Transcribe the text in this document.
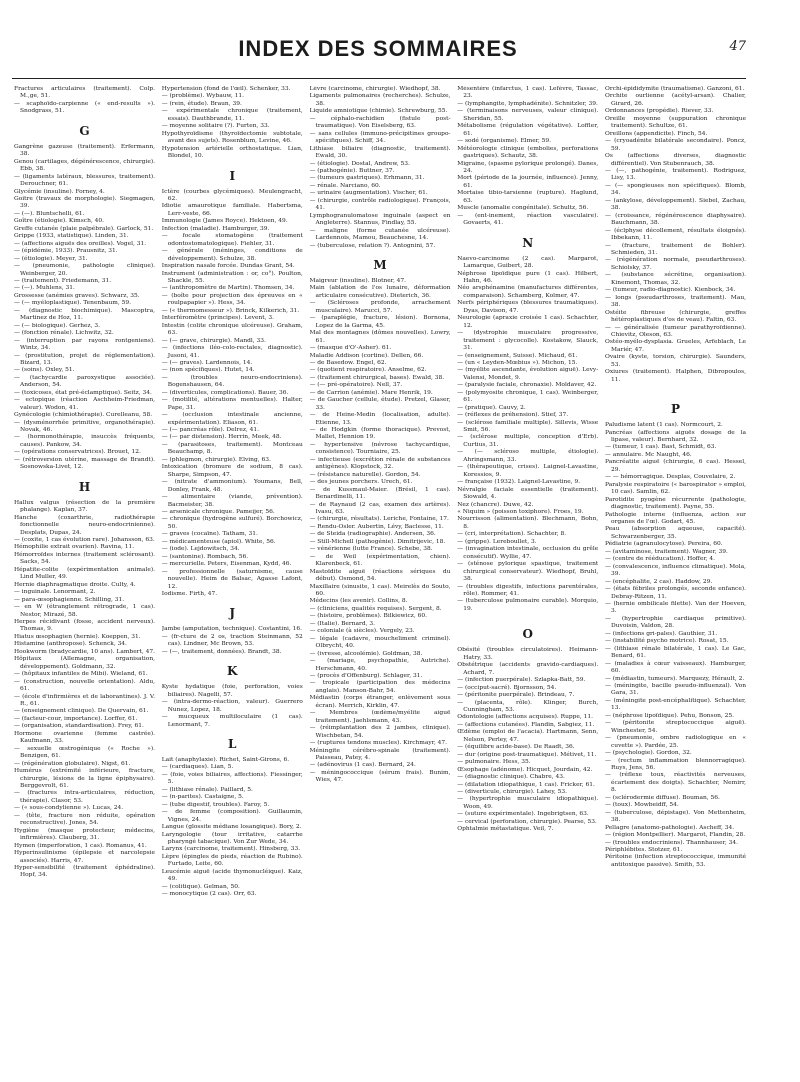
INDEX DES SOMMAIRES	47
Fractures articulaires (traitement). Colp. M.,ge, 51.
— scaphoïdo-carpienne (« end-results »). Snodgrass, 51.
G
Gangrène gazeuse (traitement). Erfermann, 38.
Genou (cartilages, dégénérescence, chirurgie). Ebb, 38.
— (ligaments latéraux, blessures, traitement). Derouchner, 61.
Glycémie (insuline). Forney, 4.
Goitre (travaux de morphologie). Siegmagen, 39.
— (—). Bluntschelli, 61.
Goître (étiologie). Kimsch, 40.
Greffe cutanée (plaie palpébrale). Garlock, 51.
Grippe (1933, statistique). Linden, 31.
— (affections aiguës des oreilles). Vogel, 31.
— (épidémie, 1933). Prausnitz, 31.
— (étiologie). Meyer, 31.
— (pneumonie, pathologie clinique). Weinberger, 20.
— (traitement). Friedemann, 31.
— (—). Muhlens, 31.
Grossesse (anémies graves). Schwarz, 35.
— (— myéloplastique). Tenenbaum, 59.
— (diagnostic biochimique). Mascoptra, Martinez de Hoz, 11.
— (— biologique). Gerhez, 3.
— (fonction rénale). Lichwitz, 32.
— (interruption par rayons rontgeniens). Wintz, 34.
— (prostitution, projet de réglementation). Bizard, 13.
— (soins). Oxley, 51.
— (tachycardie paroxystique associée). Anderson, 54.
— (toxicoses, état pré-éclamptique). Seitz, 34.
— ectopique (réaction Aschheim-Friedman, valeur). Wodon, 41.
Gynécologie (chimiothérapie). Curelleanu, 58.
— (dysménorrhée primitive, organothérapie). Novak, 46.
— (hormonothérapie, insuccès fréquents, causes). Pankow, 34.
— (opérations conservatrices). Brouet, 12.
— (rétroversion utérine, massage de Brandt). Sosnowska-Livet, 12.
H
Hallux valgus (résection de la première phalange). Kaplan, 37.
Hanche (coxarthrie, radiothérapie fonctionnelle neuro-endocrinienne). Desplats, Dupas, 24.
— (coxite, 1 cas évolution rare). Johansson, 63.
Hémophilie extrait ovarien). Ravina, 11.
Hémorroïdes internes (traitement sclérosant). Sacks, 54.
Hépatite-colite (expérimentation animale). Lind Muller, 49.
Hernie diaphragmatique droite. Culty, 4.
— inguinale. Lenormant, 2.
— para-œsophagienne. Schilling, 31.
— en W (étranglement rétrograde, 1 cas). Nestor, Mirazé, 58.
Herpes récidivant (fosse, accident nerveux). Thomas, 9.
Hiatus œsophagien (hernie). Koeppen, 31.
Histamine (anthropose). Schenck, 34.
Hookworm (bradycardie, 10 ans). Lambert, 47.
Hôpitaux (Allemagne, organisation, développement). Goldmann, 32.
— (hôpitaux infantiles de Mibi). Wieland, 61.
— (construction, nouvelle orientation). Aldu, 61.
— (école d'infirmières et de laborantines). J. V. R., 61.
— (enseignement clinique). De Quervain, 61.
— (facteur-cour, importance). Lorffer, 61.
— (organisation, standardisation). Frey, 61.
Hormone ovarienne (femme castrée). Kaufmann, 33.
— sexuelle œstrogénique (« Roche »). Benzigen, 61.
— (régénération globulaire). Nigst, 61.
Humérus (extrémité inférieure, fracture, chirurgie, lésions de la ligne épiphysaire). Berggevrolt, 61.
— (fractures intra-articulaires, réduction, thérapie). Clasor, 53.
— (« sous-condylienne »). Lucas, 24.
— (tête, fracture non réduite, opération reconstructive). Jones, 54.
Hygiène (masque protecteur, médecins, infirmières). Clauberg, 31.
Hymen (imperforation, 1 cas). Romanus, 41.
Hyperinsulinisme (épilepsie et narcolepsie associés). Harris, 47.
Hyper-sensibilité (traitement éphédraline). Hopf, 34.
Hypertension (fond de l'œil). Schenker, 33.
— (problème). Wybauw, 11.
— (rein, étude). Braun, 39.
— expérimentale chronique (traitement, essais). Dauthbrande, 11.
— moyenne solitaire (?). Furten, 33.
Hypothyroïdisme (thyroïdectomie subtotale, avant des sujets). Rosenblum, Levine, 46.
Hypotension artérielle orthostatique. Lian, Blondel, 10.
I
Ictère (courbes glycémiques). Meulengracht, 62.
Idiotie amaurotique familiale. Habertsma, Lerr-veste, 66.
Immunologie (James Royce). Hektoen, 49.
Infection (maladie). Hamburger, 39.
— focale stomatogène (traitement odontostomatologique). Fiehler, 31.
— générale (méninges, conditions de développement). Schulze, 38.
Inspiration nasale forcée. Dundas Grant, 54.
Instrument (administration : or, co°). Poulton, Shackle, 55.
— (anthropomètre de Martin). Thomsen, 34.
— (boîte pour projection des épreuves en « roulpapapier »). Hess, 34.
— (« thermomesseur »). Brinck, Kilkerich, 31.
Interféromètre (principes). Levent, 3.
Intestin (colite chronique ulcéreuse). Graham, 63.
— (— grave, chirurgie). Mandl, 33.
— (infections iléo-colo-rectales, diagnostic). Jusoni, 41.
— (— graves). Lardennois, 14.
— (non spécifiques). Hutet, 14.
— (troubles neuro-endocriniens). Bogenshausen, 64.
— (diverticules, complications). Bauer, 36.
— (motilité, altérations mentuelles). Halter, Pape, 31.
— (occlusion intestinale ancienne, expérimentation). Eliason, 61.
— (— pancréas rôle). Delrez, 41.
— (— par distension). Herrin, Meek, 48.
— (parasitoses, traitement). Montceau Beauchamp, 8.
— (phlegmon, chirurgie). Elving, 63.
Intoxication (bromure de sodium, 8 cas). Sharpe, Simpson, 47.
— (nitrate d'ammonium). Youmans, Bell, Donley, Frank, 48.
— alimentaire (viande, prévention). Bacmeister, 38.
— arsenicale chronique. Pameijer, 56.
— chronique (hydrogène sulfuré). Borchowicz, 50.
— graves (cocaïne). Tatham, 31.
— médicamenteuse (apiol). White, 56.
— (iode). Lejdowitsch, 34.
— (santonine). Rombach, 56.
— mercurielle. Peters, Eisenman, Kydd, 46.
— professionnelle (saturnisme, cause nouvelle). Heim de Balsac, Agasse Lafont, 12.
Iodisme. Firth, 47.
J
Jambe (amputation, technique). Costantini, 16.
— (fr-cture de 2 os, traction Steinmann, 52 cas). Lindner, Mc Brown, 53.
— (—, traitement, données). Brandt, 38.
K
Kyste hydatique (foie, perforation, voies biliaires). Nagelli, 57.
— (intra-dermo-réaction, valeur). Guerrero Nunez, Lopez, 18.
— mucqueux multiloculaire (1 cas). Lenormant, 7.
L
Lait (anaphylaxie). Richet, Saint-Girons, 6.
— (cardiaques). Lian, 5.
— (foie, voies biliaires, affections). Fiessinger, 5.
— (lithiase rénale). Paillard, 5.
— (n-parites). Castaigne, 5.
— (tube digestif, troubles). Faroy, 5.
— de femme (composition). Guillaumin, Vignes, 24.
Langue (glossite médiane losangique). Bory, 2.
Laryngologie (tour irritative, catarrhe pharyngé tabacique). Von Zur Wede, 34.
Larynx (carcinome, traitement). Hinsberg, 33.
Lèpre (épingles de pieds, réaction de Rubino). Furtado, Leite, 60.
Leucémie aiguë (acide thymonucléique). Kaiz, 49.
— (colitique). Gelman, 50.
— monocytique (2 cas). Orr, 63.
Lèvre (carcinome, chirurgie). Wiedhopf, 38.
Ligaments pulmonaires (recherches). Schulze, 38.
Liquide amniotique (chimie). Schrewburg, 55.
— céphalo-rachidien (fistule post-traumatique). Von Eiselsberg, 63.
— sans cellules (immuno-précipitines groupo-spécifiques). Schiff, 34.
Lithiase biliaire (diagnostic, traitement). Ewald, 30.
— (étiologie). Dostal, Andrew, 53.
— (pathogénie). Buttner, 37.
— (tumeurs gastriques). Erhmann, 31.
— rénale. Narciano, 60.
— urinaire (augmentation). Vischer, 61.
— (chirurgie, contrôle radiologique). François, 41.
Lymphogranulomatose inguinale (aspect en Angleterre). Stannus, Findlay, 55.
— maligne (forme cutanée ulcéreuse). Lardennois, Mamou, Beauchesne, 14.
— (tuberculose, relation ?). Antognini, 57.
M
Maigreur (insuline). Blotner, 47.
Main (ablation de l'os lunaire, déformation articulaire consécutive). Dieterich, 36.
— (Scléroses profonde, arrachement musculaire). Marucci, 57.
— (paraplégie, fracture, lésion). Bornona, Lopez de la Garma, 45.
Mal des montagnes (dômes nouvelles). Lowry, 61.
— (masque d'O'-Asher). 61.
Maladie Addison (cortine). Dellen, 66.
— de Basedow. Engel, 62.
— (quotient respiratoire). Anselme, 62.
— (traitement chirurgical, bases). Ewald, 38.
— (— pré-opératoire). Nell, 37.
— de Carrion (anémie). Mare Henrik, 19.
— de Gaucher (cellule, étude). Pretzel, Glaser, 33.
— de Heine-Medin (localisation, adulte). Etienne, 13.
— de Hodgkin (forme thoracique). Prevost, Mallet, Hennion 19.
— hypertensive (névrose tachycardique, consistence). Tourniaire, 25.
— infectieuse (excrétion rénale de substances antigènes). Klopstock, 32.
— (résistance naturelle). Gordon, 54.
— des jeunes porchers. Urech, 61.
— de Kussmaul-Maier. (Brésil, 1 cas). Benardinelli, 11.
— de Raynaud (2 cas, examen des artères). Ivasu, 63.
— (chirurgie, résultats). Leriche, Fontaine, 17.
— Rendu-Osler. Aubertin, Lévy, Baclesse, 11.
— de Steida (radiographie). Andersen, 36.
— Still-Michell (pathogénie). Dimitrijevic, 18.
— vénérienne (lutte France). Schebe, 38.
— de Weil (expérimentation, chien). Klarenbeck, 61.
Mastoïdite aiguë (réactions sériques du début). Osmond, 54.
Maxillaire (sinusite, 1 cas). Meirelès do Souto, 60.
Médecins (les avenir). Collins, 8.
— (cliniciens, qualités requises). Sergent, 8.
— (histoire, problèmes). Bilkiewicz, 60.
— (Italie). Bernard, 3.
— coloniale (à siècles). Vergely, 23.
— légale (cadavre, moucheliment criminel). Olbrycht, 40.
— (ivresse, alcoolémie). Goldman, 38.
— (mariage, psychopathie, Autriche). Herschmann, 40.
— (procès d'Offenburg). Schlager, 31.
— tropicale (participation des médecins anglais). Manson-Bahr, 54.
Médiastin (corps étranger, enlèvement sous écran). Merrich, Kirklin, 47.
— Membres (œdème/myélite aiguë traitement). Jaehlsmann, 43.
— (réimplantation des 2 jambes, clinique). Wischbetan, 54.
— (ruptures tendons muscles). Kirchmayr, 47.
Méningite cérébro-spinale (traitement). Paisseau, Patey, 4.
— (adénovirus (1 cas). Bernard, 24.
— méningococcique (sérum frais). Bunim, Wies, 47.
Mésentère (infarctus, 1 cas). Lefèvre, Tassac, 23.
— (lymphangite, lymphadénite). Schnitzler, 39.
— (terminaisons nerveuses, valeur clinique). Sheridan, 55.
Métabolisme (régulation végétative). Loffler, 61.
— sodé (organisme). Elmer, 59.
Météorologie clinique (embolies, perforations gastriques). Schautz, 38.
Migraine, (spasme pylorique prolongé). Danes, 24.
Mort (période de la journée, influence). Jenny, 61.
Mortaise tibio-tarsienne (rupture). Haglund, 63.
Muscle (anomalie congénitale). Schultz, 56.
— (ent-inement, réaction vasculaire). Govaerts, 41.
N
Naevo-carcinome (2 cas). Margarot, Lamarque, Guibert, 28.
Néphrose lipoïdique pure (1 cas). Hilbert, Hahn, 46.
Néo arsphénamine (manufactures différentes, comparaison). Schamberg, Kolmer, 47.
Nerfs périphériques (blessures traumatiques). Dyas, Davison, 47.
Neurologie (apraxie croisée 1 cas). Schachter, 12.
— (dystrophie musculaire progressive, traitement : glycocolle). Kostakow, Slauck, 31.
— (enseignement, Suisse). Michaud, 61.
— (un « Leyden-Mœbius »). Michon, 15.
— (myélite ascendante, évolution aiguë). Levy-Valensi, Mondet, 9.
— (paralysie faciale, chronaxie). Moldaver, 42.
— (polymyosite chronique, 1 cas). Weinberger, 61.
— (pratique). Cauvy, 2.
— (réflexes de préhension). Stief, 37.
— (sclérose familiale multiple). Sillevis, Wisse Smit, 56.
— (sclérose multiple, conception d'Erb). Curtius, 31.
— (— scléroso multiple, étiologie). Ahringsmann, 33.
— (thérapeutique, crises). Laignel-Lavastine, Koressios, 9.
— française (1932). Laignel-Lavastine, 9.
Névralgie faciale essentielle (traitement). Siowald, 4.
Nez (chancre). Duwe, 42.
« Niquim » (poisson toxiphore). Froes, 19.
Nourrisson (alimentation). Blechmann, Bohn, 8.
— (cri, interprétation). Schachter, 8.
— (grippe). Lereboullet, 3.
— (invagination intestinale, occlusion du grêle consécutif). Wyllie, 47.
— (sténose pylorique spastique, traitement chirurgical conservateur). Wiedhopf, Bruhl, 38.
— (troubles digestifs, infections parentérales, rôle). Rommer, 41.
— (tuberculose pulmonaire curable). Morquio, 19.
O
Obésité (troubles circulatoires). Heimann-Hatry, 33.
Obstétrique (accidents gravido-cardiaques). Achard, 7.
— (infection puerpérale). Szlapka-Batt, 59.
— (occiput-sacré). Bjornsson, 54.
— (péritonite puerpérale). Brindeau, 7.
— (placenta, rôle). Klinger, Burch, Cunningham, 53.
Odontologie (affections acquises). Ruppe, 11.
— (affections cutanées). Flandin, Sabgiez, 11.
Œdème (emploi de l'acacia). Hartmann, Senn, Nelson, Perley, 47.
— (équilibre acide-base). De Raadt, 36.
— dur (origine post-traumatique). Métivet, 11.
— pulmonaire. Hess, 35.
Œsophage (adénome). Hicquet, Jourdain, 42.
— (diagnostic clinique). Chabre, 43.
— (dilatation idiopathique, 1 cas). Fricker, 61.
— (diverticule, chirurgie). Lahey, 53.
— (hypertrophie musculaire idiopathique). Woon, 49.
— (suture expérimentale). Ingebrigtsen, 63.
— cervical (perforation, chirurgie). Pearse, 53.
Ophtalmie métastatique. Veil, 7.
Orchi-épididymite (traumatisme). Ganzoni, 61.
Orchite ourlienne (acétyl-arsan). Chalier, Girard, 26.
Ordonnances (propédie). Riever, 33.
Oreille moyenne (suppuration chronique traitement). Schultze, 61.
Oreillons (appendicite). Finch, 54.
— (cryoadénite bilatérale secondaire). Poncz, 59.
Os (affections diverses, diagnostic différentiel). Von Stubenrauch, 38.
— (—, pathogénie, traitement). Rodriguez, Lisy, 13.
— (— spongieuses non spécifiques). Blomb, 34.
— (ankylose, développement). Siebel, Zachau, 38.
— (croissance, régénérescence diaphysaire). Bauchmann, 38.
— (éclphyse décollement, résultats éloignés). Ibbekann, 11.
— (fracture, traitement de Bohler). Schmieden, 31.
— (régénération normale, pseudarthroses). Schiolsky, 37.
— (substance sécrétine, organisation). Kinemont, Thomas, 32.
— (tumeur, radio-diagnostic). Kienbock, 34.
— longs (pseudarthroses, traitement). Mau, 38.
Ostéite fibreuse (chirurgie, greffes hétéroplastiques d'os de veau). Faltin, 63.
— — généralisée (tumeur parathyroïdienne). Chievitz, Oleson, 63.
Ostéo-myélo-dysplasia. Grueles, Arfeblach, Le Mariér, 47.
Ovaire (kyste, torsion, chirurgie). Saunders, 53.
Oxiures (traitement). Halphen, Dibropoulos, 11.
P
Paludisme latent (1 cas). Normcourt, 2.
Pancréas (affections aiguës dosage de la lipase, valeur). Bernhard, 32.
— (tumeur, 1 cas). Bast, Schmidt, 63.
— annulaire. Mc Naught, 46.
Pancréatite aiguë (chirurgie, 6 cas). Hessel, 29.
— — hémorragique. Desplas, Couvelaire, 2.
Paralysie respiratoire (« barospirator » emploi, 10 cas). Samlin, 62.
Parotidite pyogène récurrente (pathologie, diagnostic, traitement). Payne, 55.
Pathologie interne (influenza, action sur organes de l'œ). Godart, 45.
Peau (absorption aqueuse, capacité). Schwarzenberger, 35.
Pédiatrie (agranulocytose). Pereira, 60.
— (avitaminose, traitement). Wagner, 39.
— (centre de rééducation). Hoffer, 4.
— (convalescence, influence climatique). Mola, 39.
— (encéphalite, 2 cas). Haddow, 29.
— (états fébriles prolongés, seconde enfance). Debray-Ritzen, 11.
— (hernie ombilicale filette). Van der Hoeven, 3.
— (hypertrophie cardiaque primitive). Duvoisin, Valdon, 28.
— (infections gri-pales). Gauthier, 31.
— (instabilité psycho motrice). Rosat, 15.
— (lithiase rénale bilatérale, 1 cas). Le Gac, Benard, 61.
— (maladies à cœur vaisseaux). Hamburger, 60.
— (médiastin, tumeurs). Marquezy, Hérault, 2.
— (méningite, bacille pseudo-influenzal). Von Gara, 31.
— (méningite post-encéphalitique). Schachter, 13.
— (néphrose lipoïdique). Pehu, Bonson, 25.
— (péritonite streptococcique aiguë). Winchester, 54.
— (pneumonie, ombre radiologique en « cuvette »). Pardée, 25.
— (psychologie). Gordon, 32.
— (rectum inflammation blennorragique). Ruys, Jens, 56.
— (réflexe toux, réactivités nerveuses, écartement des doigts). Schachter, Nemirr, 8.
— (sclérodermie diffuse). Bouman, 56.
— (toux). Mowbeidff, 54.
— (tuberculose, dépistage). Von Mettenheim, 38.
Pellagre (anatomo-pathologie). Ascheff, 34.
— (région Montpellier). Margarot, Flandin, 28.
— (troubles endocriniens). Thannhauser, 34.
Périphlébites. Stotzer, 61.
Péritoine (infection streptococcique, immunité antitoxique passive). Smith, 53.
